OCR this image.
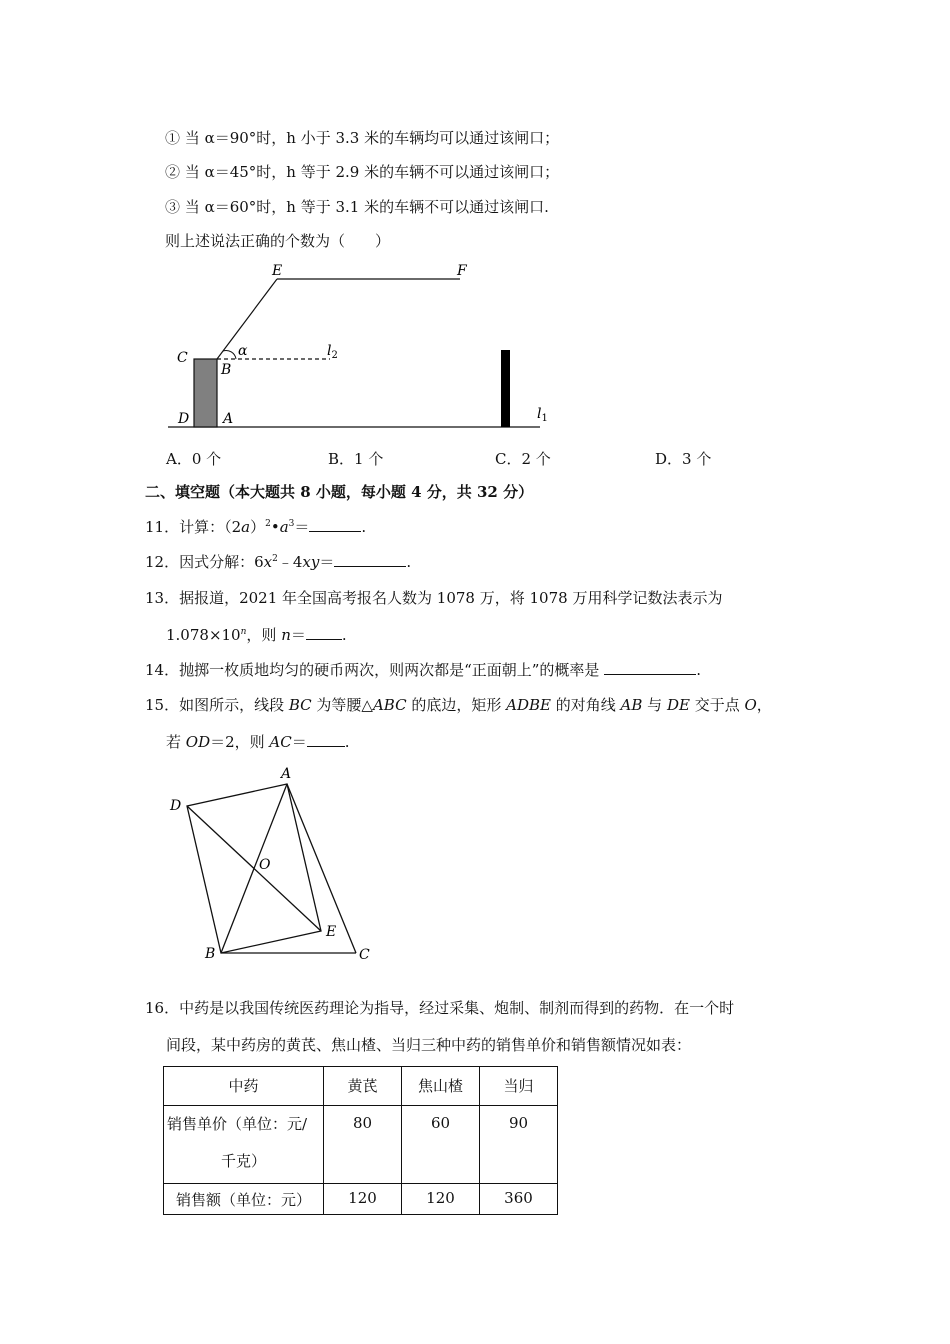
① 当 α＝90°时，h 小于 3.3 米的车辆均可以通过该闸口；
② 当 α＝45°时，h 等于 2.9 米的车辆不可以通过该闸口；
③ 当 α＝60°时，h 等于 3.1 米的车辆不可以通过该闸口.
则上述说法正确的个数为（　　）
E	F
C
B
α	$l_2$
D A	$l_1$
A．0 个	B．1 个	C．2 个	D．3 个
二、填空题（本大题共 8 小题，每小题 4 分，共 32 分）
11．计算：$(2a)^2•a^3=$	.
12．因式分解：$6x^2﹣4xy=$	.
13．据报道，2021 年全国高考报名人数为 1078 万，将 1078 万用科学记数法表示为
$1.078\times 10^n$，则 n＝ .
14．抛掷一枚质地均匀的硬币两次，则两次都是“正面朝上”的概率是	.
15．如图所示，线段 BC 为等腰△ABC 的底边，矩形 ADBE 的对角线 AB 与 DE 交于点 O，
若 OD＝2，则 AC＝	.
A
D
O
E
B	C
16．中药是以我国传统医药理论为指导，经过采集、炮制、制剂而得到的药物．在一个时
间段，某中药房的黄芪、焦山楂、当归三种中药的销售单价和销售额情况如表：
中药	黄芪	焦山楂	当归

销售单价（单位：元/
千克）	80	60	90
销售额（单位：元）	120	120	360
